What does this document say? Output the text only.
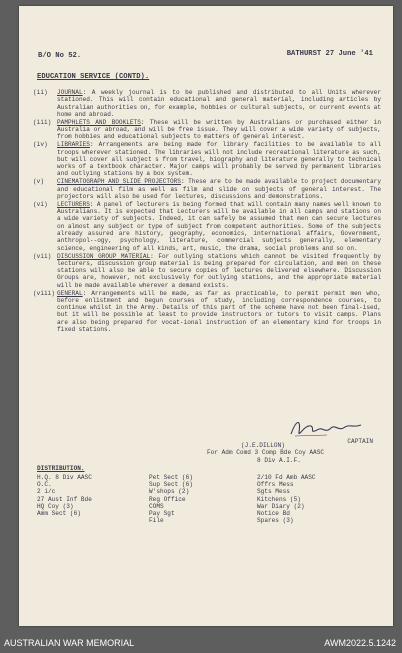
B/O No 52.	BATHURST 27 June '41
EDUCATION SERVICE (CONTD).
(ii)	JOURNAL: A weekly journal is to be published and distributed to all Units wherever stationed. This will contain educational and general material, including articles by Australian authorities on, for example, hobbies or cultural subjects, or current events at home and abroad.
(iii) PAMPHLETS AND BOOKLETS: These will be written by Australians or purchased either in Australia or abroad, and will be free issue. They will cover a wide variety of subjects, from hobbies and educational subjects to matters of general interest.
(iv)	LIBRARIES: Arrangements are being made for library facilities to be available to all troops wherever stationed. The libraries will not include recreational literature as such, but will cover all subject s from travel, biography and literature generally to technical works of a textbook character. Major camps will probably be served by permanent libraries and outlying stations by a box system.
(v)	CINEMATOGRAPH AND SLIDE PROJECTORS: These are to be made available to project documentary and educational film as well as film and slide on subjects of general interest. The projectors will also be used for lectures, discussions and demonstrations.
(vi)	LECTURERS: A panel of lecturers is being formed that will contain many names well known to Australians. It is expected that Lecturers will be available in all camps and stations on a wide variety of subjects. Indeed, it can safely be assumed that men can secure lectures on almost any subject or type of subject from competent authorities. Some of the subjects already assured are history, geography, economics, international affairs, Government, anthropol--ogy, psychology, literature, commercial subjects generally, elementary science, engineering of all kinds, art, music, the drama, social problems and so on.
(vii) DISCUSSION GROUP MATERIAL: For outlying stations which cannot be visited frequently by lecturers, discussion group material is being prepared for circulation, and men on these stations will also be able to secure copies of lectures delivered elsewhere. Discussion Groups are, however, not exclusively for outlying stations, and the appropriate material will be made available wherever a demand exists.
(viii) GENERAL: Arrangements will be made, as far as practicable, to permit permit men who, before enlistment and begun courses of study, including correspondence courses, to continue whilst in the Army. Details of this part of the scheme have not been final-ised, but it will be possible at least to provide instructors or tutors to visit camps. Plans are also being prepared for vocat-ional instruction of an elementary kind for troops in fixed stations.
(J.E.DILLON)
CAPTAIN
For Adm Comd 3 Comp Bde Coy AASC
8 Div A.I.F.
DISTRIBUTION.
H.Q. 8 Div AASC
O.C.
2 i/c
27 Aust Inf Bde
HQ Coy (3)
Amm Sect (6)
Pet Sect (6)
Sup Sect (6)
W'shops (2)
Reg Office
COMS
Pay Sgt
File
2/10 Fd Amb AASC
Offrs Mess
Sgts Mess
Kitchens (5)
War Diary (2)
Notice Bd
Spares (3)
AUSTRALIAN WAR MEMORIAL	AWM2022.5.1242
